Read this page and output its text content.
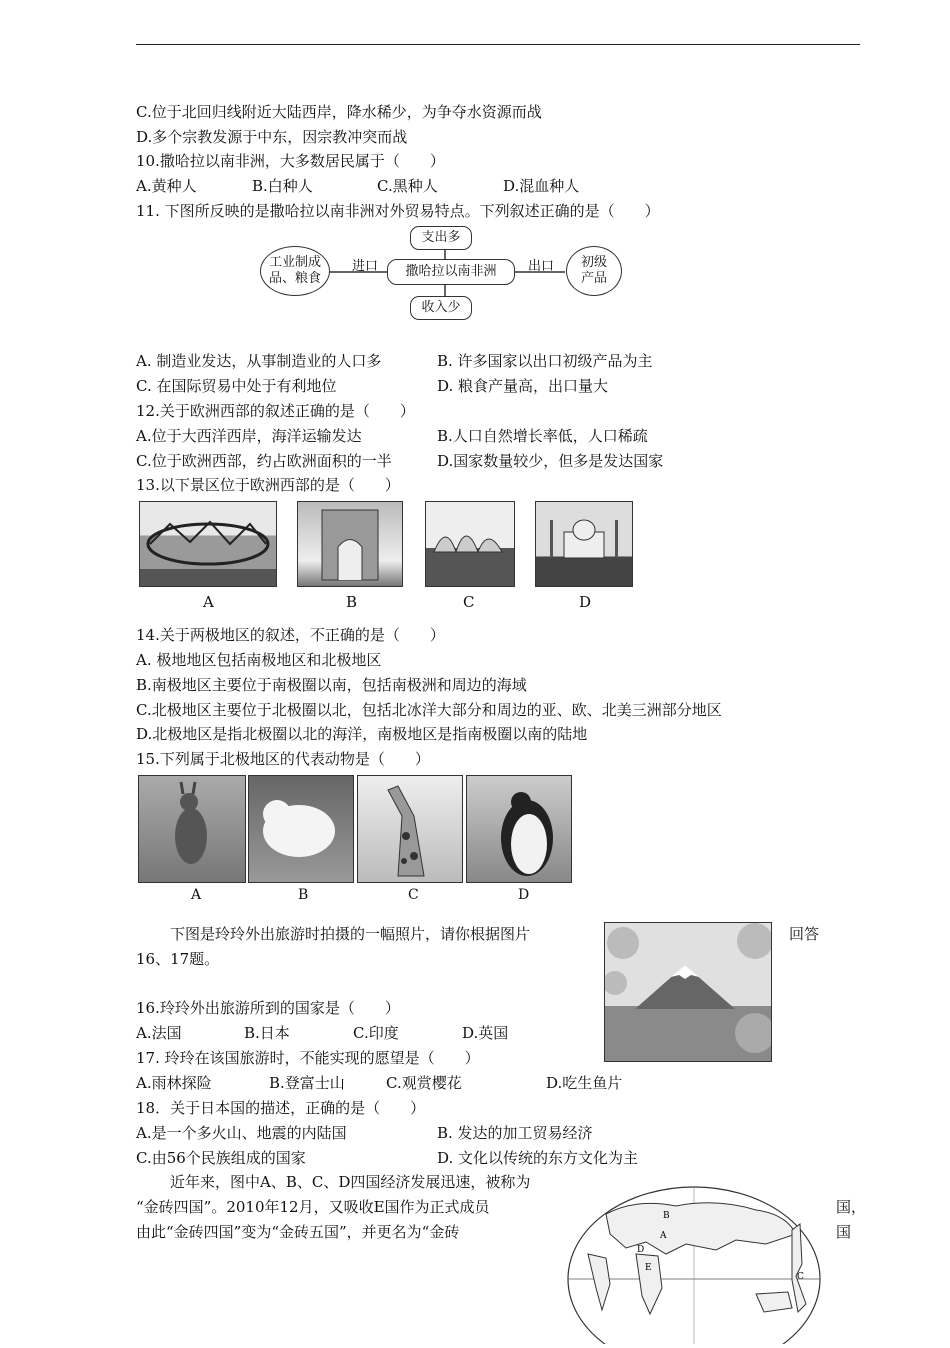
C.位于北回归线附近大陆西岸，降水稀少，为争夺水资源而战
D.多个宗教发源于中东，因宗教冲突而战
10.撒哈拉以南非洲，大多数居民属于（　　）
A.黄种人	B.白种人	C.黑种人	D.混血种人
11. 下图所反映的是撒哈拉以南非洲对外贸易特点。下列叙述正确的是（　　）
支出多
撒哈拉以南非洲
收入少
工业制成品、粮食
初级产品
进口	出口
A. 制造业发达，从事制造业的人口多	B. 许多国家以出口初级产品为主
C. 在国际贸易中处于有利地位	D. 粮食产量高，出口量大
12.关于欧洲西部的叙述正确的是（　　）
A.位于大西洋西岸，海洋运输发达	B.人口自然增长率低，人口稀疏
C.位于欧洲西部，约占欧洲面积的一半	D.国家数量较少，但多是发达国家
13.以下景区位于欧洲西部的是（　　）
A	B	C	D
14.关于两极地区的叙述，不正确的是（　　）
A. 极地地区包括南极地区和北极地区
B.南极地区主要位于南极圈以南，包括南极洲和周边的海域
C.北极地区主要位于北极圈以北，包括北冰洋大部分和周边的亚、欧、北美三洲部分地区
D.北极地区是指北极圈以北的海洋，南极地区是指南极圈以南的陆地
15.下列属于北极地区的代表动物是（　　）
A	B	C	D
下图是玲玲外出旅游时拍摄的一幅照片，请你根据图片	回答
16、17题。
16.玲玲外出旅游所到的国家是（　　）
A.法国	B.日本	C.印度	D.英国
17. 玲玲在该国旅游时，不能实现的愿望是（　　）
A.雨林探险	B.登富士山	C.观赏樱花	D.吃生鱼片
18．关于日本国的描述，正确的是（　　）
A.是一个多火山、地震的内陆国	B. 发达的加工贸易经济
C.由56个民族组成的国家	D. 文化以传统的东方文化为主
近年来，图中A、B、C、D四国经济发展迅速，被称为
“金砖四国”。2010年12月，又吸收E国作为正式成员	国，
由此“金砖四国”变为“金砖五国”，并更名为“金砖	国
B
E
D
A
C
